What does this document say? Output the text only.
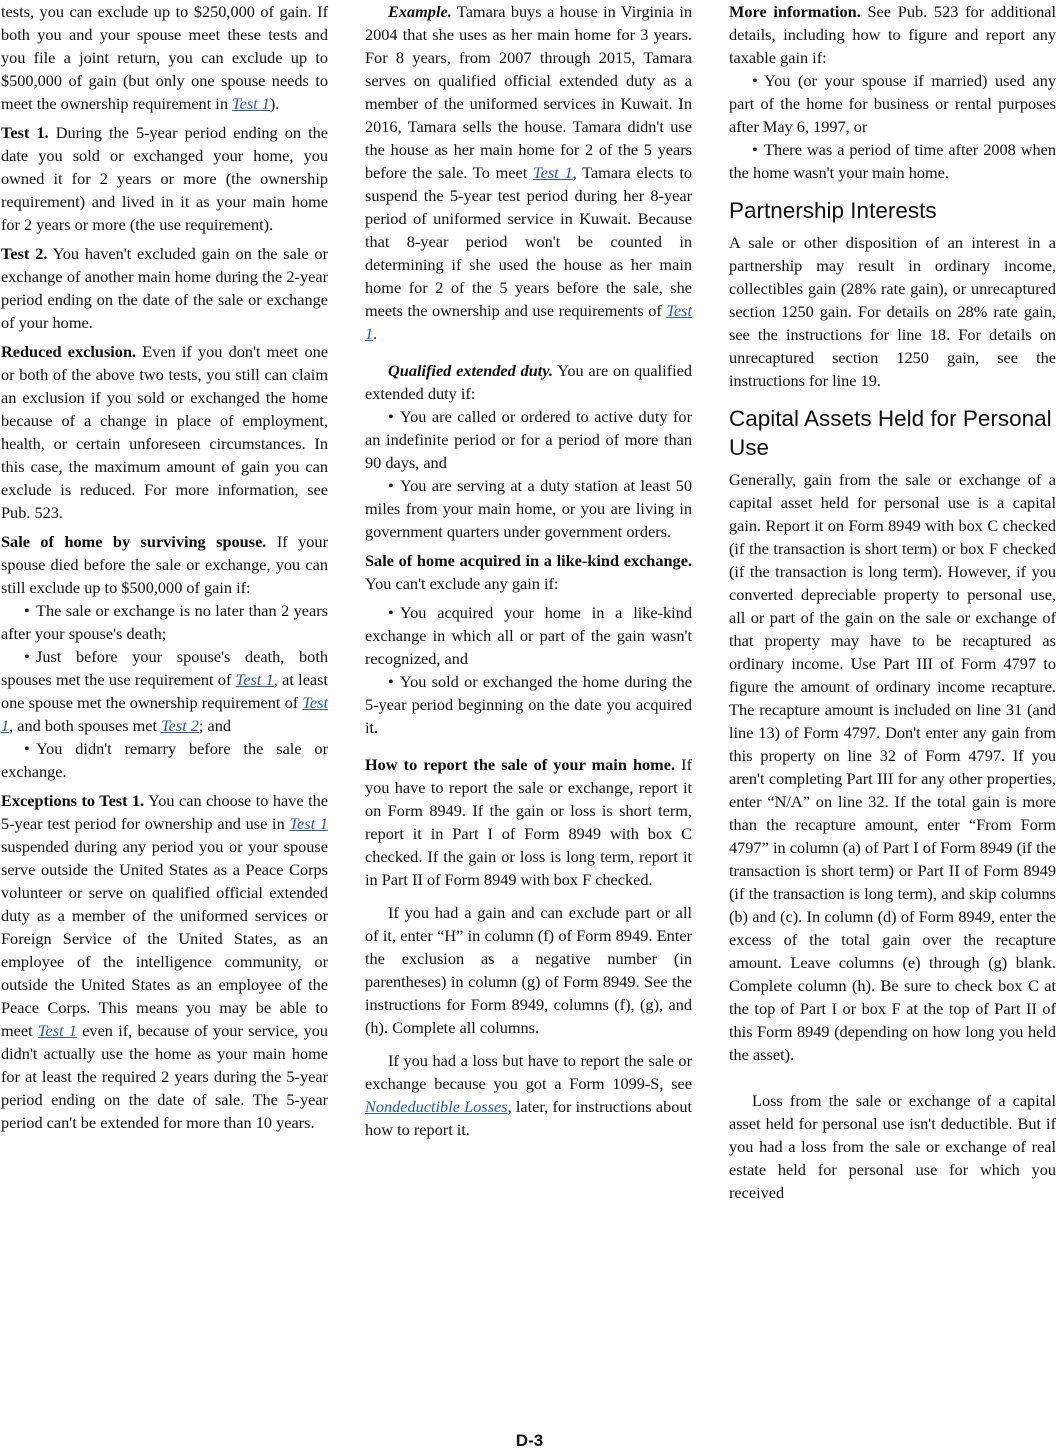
tests, you can exclude up to $250,000 of gain. If both you and your spouse meet these tests and you file a joint return, you can exclude up to $500,000 of gain (but only one spouse needs to meet the ownership requirement in Test 1).

Test 1. During the 5-year period ending on the date you sold or exchanged your home, you owned it for 2 years or more (the ownership requirement) and lived in it as your main home for 2 years or more (the use requirement).

Test 2. You haven't excluded gain on the sale or exchange of another main home during the 2-year period ending on the date of the sale or exchange of your home.

Reduced exclusion. Even if you don't meet one or both of the above two tests, you still can claim an exclusion if you sold or exchanged the home because of a change in place of employment, health, or certain unforeseen circumstances. In this case, the maximum amount of gain you can exclude is reduced. For more information, see Pub. 523.

Sale of home by surviving spouse. If your spouse died before the sale or exchange, you can still exclude up to $500,000 of gain if:

• The sale or exchange is no later than 2 years after your spouse's death;

• Just before your spouse's death, both spouses met the use requirement of Test 1, at least one spouse met the ownership requirement of Test 1, and both spouses met Test 2; and

• You didn't remarry before the sale or exchange.

Exceptions to Test 1. You can choose to have the 5-year test period for ownership and use in Test 1 suspended during any period you or your spouse serve outside the United States as a Peace Corps volunteer or serve on qualified official extended duty as a member of the uniformed services or Foreign Service of the United States, as an employee of the intelligence community, or outside the United States as an employee of the Peace Corps. This means you may be able to meet Test 1 even if, because of your service, you didn't actually use the home as your main home for at least the required 2 years during the 5-year period ending on the date of sale. The 5-year period can't be extended for more than 10 years.

Example. Tamara buys a house in Virginia in 2004 that she uses as her main home for 3 years. For 8 years, from 2007 through 2015, Tamara serves on qualified official extended duty as a member of the uniformed services in Kuwait. In 2016, Tamara sells the house. Tamara didn't use the house as her main home for 2 of the 5 years before the sale. To meet Test 1, Tamara elects to suspend the 5-year test period during her 8-year period of uniformed service in Kuwait. Because that 8-year period won't be counted in determining if she used the house as her main home for 2 of the 5 years before the sale, she meets the ownership and use requirements of Test 1.

Qualified extended duty. You are on qualified extended duty if:

• You are called or ordered to active duty for an indefinite period or for a period of more than 90 days, and

• You are serving at a duty station at least 50 miles from your main home, or you are living in government quarters under government orders.

Sale of home acquired in a like-kind exchange. You can't exclude any gain if:

• You acquired your home in a like-kind exchange in which all or part of the gain wasn't recognized, and

• You sold or exchanged the home during the 5-year period beginning on the date you acquired it.

How to report the sale of your main home. If you have to report the sale or exchange, report it on Form 8949. If the gain or loss is short term, report it in Part I of Form 8949 with box C checked. If the gain or loss is long term, report it in Part II of Form 8949 with box F checked.

If you had a gain and can exclude part or all of it, enter “H” in column (f) of Form 8949. Enter the exclusion as a negative number (in parentheses) in column (g) of Form 8949. See the instructions for Form 8949, columns (f), (g), and (h). Complete all columns.

If you had a loss but have to report the sale or exchange because you got a Form 1099-S, see Nondeductible Losses, later, for instructions about how to report it.

More information. See Pub. 523 for additional details, including how to figure and report any taxable gain if:

• You (or your spouse if married) used any part of the home for business or rental purposes after May 6, 1997, or

• There was a period of time after 2008 when the home wasn't your main home.

Partnership Interests

A sale or other disposition of an interest in a partnership may result in ordinary income, collectibles gain (28% rate gain), or unrecaptured section 1250 gain. For details on 28% rate gain, see the instructions for line 18. For details on unrecaptured section 1250 gain, see the instructions for line 19.

Capital Assets Held for Personal Use

Generally, gain from the sale or exchange of a capital asset held for personal use is a capital gain. Report it on Form 8949 with box C checked (if the transaction is short term) or box F checked (if the transaction is long term). However, if you converted depreciable property to personal use, all or part of the gain on the sale or exchange of that property may have to be recaptured as ordinary income. Use Part III of Form 4797 to figure the amount of ordinary income recapture. The recapture amount is included on line 31 (and line 13) of Form 4797. Don't enter any gain from this property on line 32 of Form 4797. If you aren't completing Part III for any other properties, enter “N/A” on line 32. If the total gain is more than the recapture amount, enter “From Form 4797” in column (a) of Part I of Form 8949 (if the transaction is short term) or Part II of Form 8949 (if the transaction is long term), and skip columns (b) and (c). In column (d) of Form 8949, enter the excess of the total gain over the recapture amount. Leave columns (e) through (g) blank. Complete column (h). Be sure to check box C at the top of Part I or box F at the top of Part II of this Form 8949 (depending on how long you held the asset).

Loss from the sale or exchange of a capital asset held for personal use isn't deductible. But if you had a loss from the sale or exchange of real estate held for personal use for which you received

D-3
